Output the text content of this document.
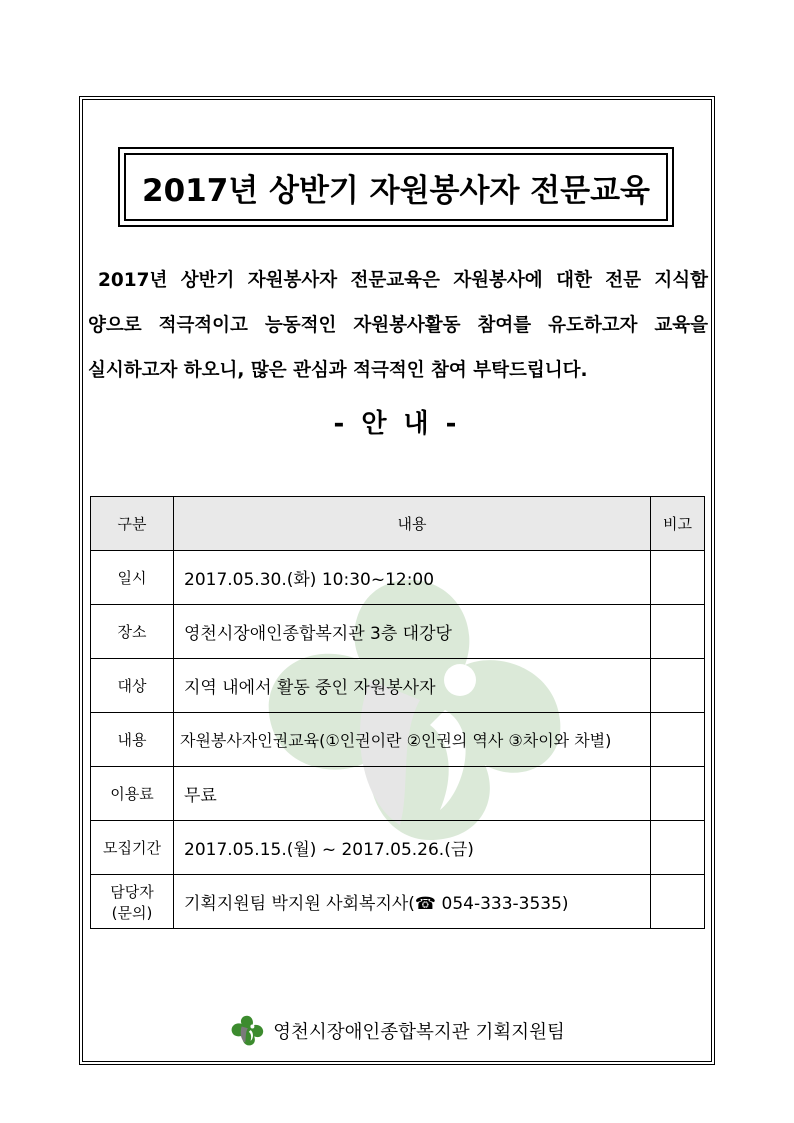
2017년 상반기 자원봉사자 전문교육

2017년 상반기 자원봉사자 전문교육은 자원봉사에 대한 전문 지식함

양으로 적극적이고 능동적인 자원봉사활동 참여를 유도하고자 교육을

실시하고자 하오니, 많은 관심과 적극적인 참여 부탁드립니다.

- 안 내 -
구분	내용	비고
일시	2017.05.30.(화) 10:30~12:00	
장소	영천시장애인종합복지관 3층 대강당	
대상	지역 내에서 활동 중인 자원봉사자	
내용	자원봉사자인권교육(①인권이란 ②인권의 역사 ③차이와 차별)	
이용료	무료	
모집기간	2017.05.15.(월) ~ 2017.05.26.(금)	

담당자
(문의)	기획지원팀 박지원 사회복지사(☎ 054-333-3535)	
영천시장애인종합복지관 기획지원팀
